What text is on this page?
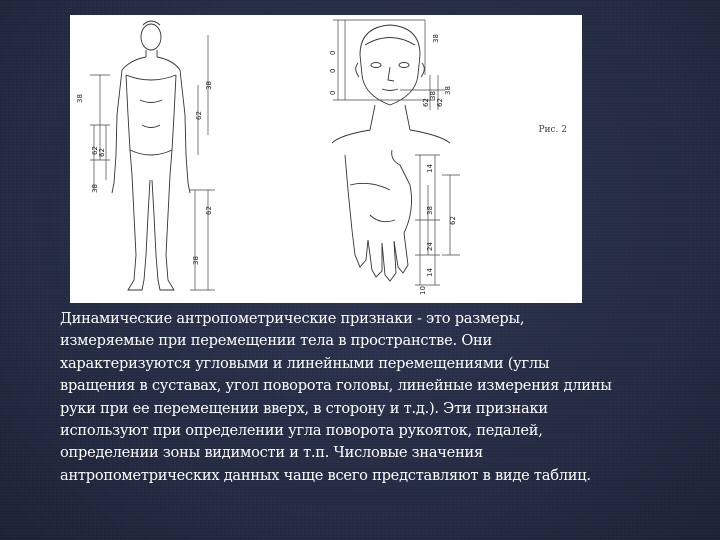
38
62 62
38
38
62
38
62
0
0
0
38
62
38
62
38
14
38
62
24
14
10
Рис. 2

Динамические антропометрические признаки - это размеры, измеряемые при перемещении тела в пространстве. Они характеризуются угловыми и линейными перемещениями (углы вращения в суставах, угол поворота головы, линейные измерения длины руки при ее перемещении вверх, в сторону и т.д.). Эти признаки используют при определении угла поворота рукояток, педалей, определении зоны видимости и т.п. Числовые значения антропометрических данных чаще всего представляют в виде таблиц.
